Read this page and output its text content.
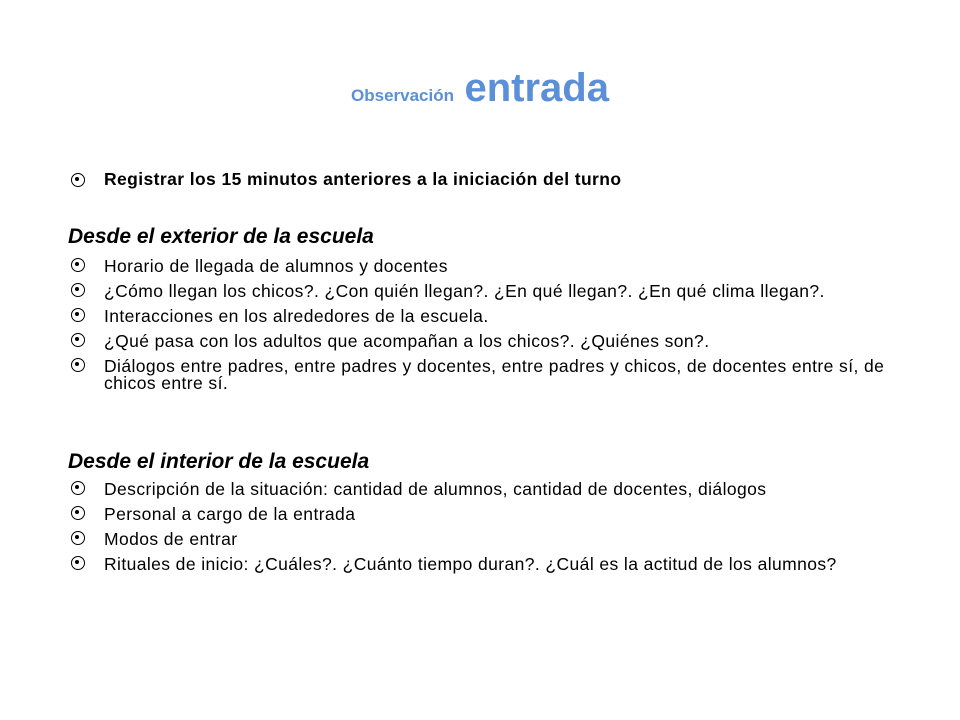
Observación entrada
Registrar los 15 minutos anteriores a la iniciación del turno
Desde el exterior de la escuela
Horario de llegada de alumnos y docentes
¿Cómo llegan los chicos?. ¿Con quién llegan?. ¿En qué llegan?. ¿En qué clima llegan?.
Interacciones en los alrededores de la escuela.
¿Qué pasa con los adultos que acompañan a los chicos?. ¿Quiénes son?.
Diálogos entre padres, entre padres y docentes, entre padres y chicos, de docentes entre sí, de chicos entre sí.
Desde el interior de la escuela
Descripción de la situación: cantidad de alumnos, cantidad de docentes, diálogos
Personal a cargo de la entrada
Modos de entrar
Rituales de inicio: ¿Cuáles?. ¿Cuánto tiempo duran?. ¿Cuál es la actitud de los alumnos?
